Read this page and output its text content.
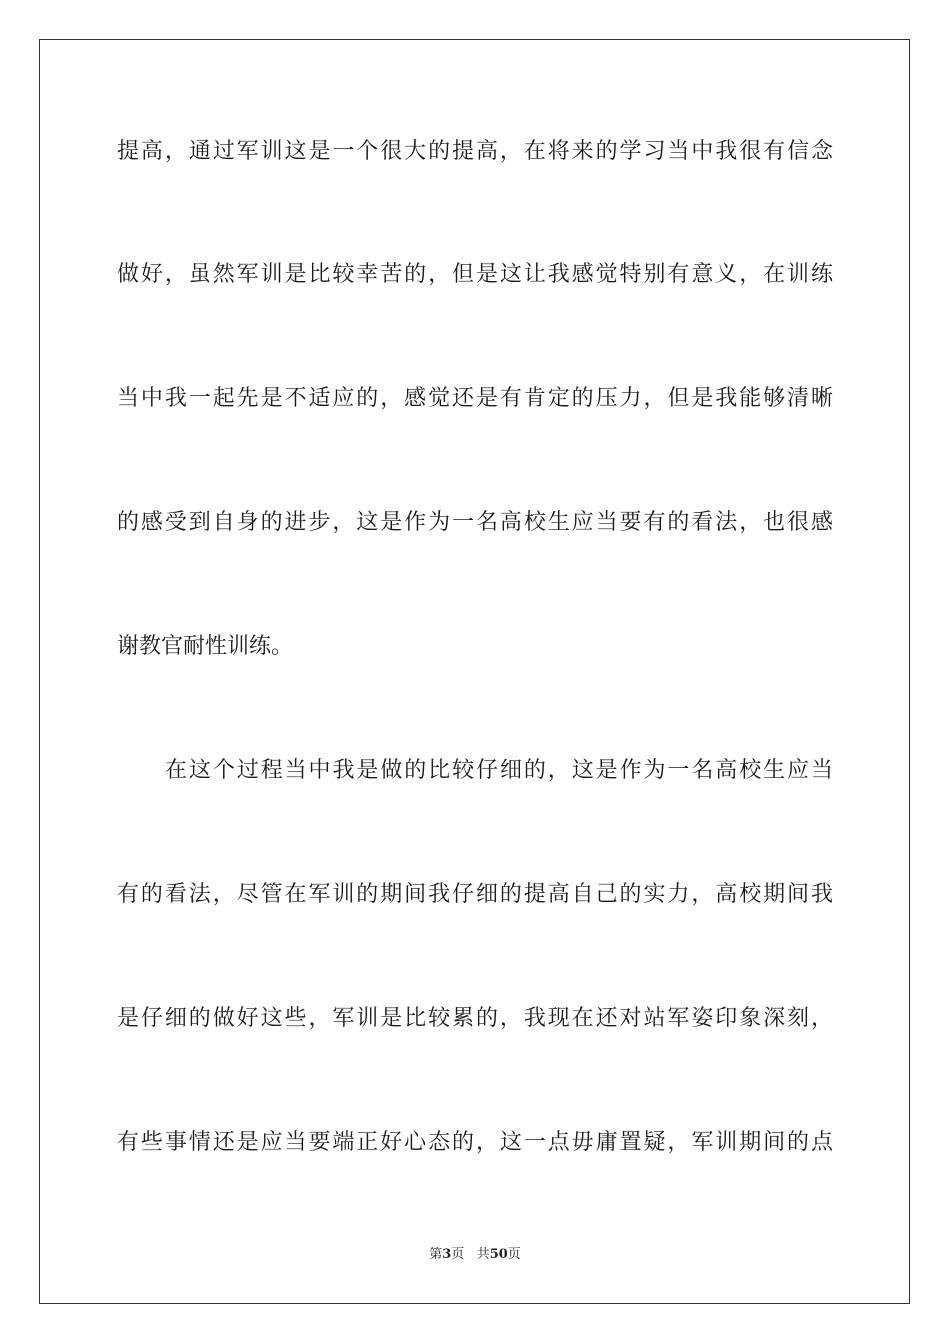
提高，通过军训这是一个很大的提高，在将来的学习当中我很有信念
做好，虽然军训是比较幸苦的，但是这让我感觉特别有意义，在训练
当中我一起先是不适应的，感觉还是有肯定的压力，但是我能够清晰
的感受到自身的进步，这是作为一名高校生应当要有的看法，也很感
谢教官耐性训练。
在这个过程当中我是做的比较仔细的，这是作为一名高校生应当
有的看法，尽管在军训的期间我仔细的提高自己的实力，高校期间我
是仔细的做好这些，军训是比较累的，我现在还对站军姿印象深刻，
有些事情还是应当要端正好心态的，这一点毋庸置疑，军训期间的点
第3页 共50页
